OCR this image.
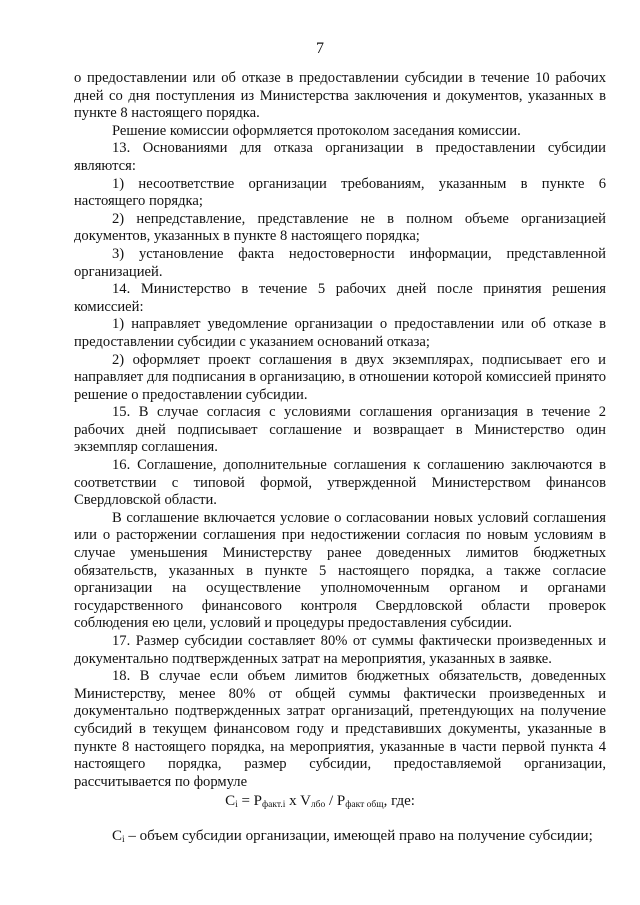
7

о предоставлении или об отказе в предоставлении субсидии в течение 10 рабочих дней со дня поступления из Министерства заключения и документов, указанных в пункте 8 настоящего порядка.

Решение комиссии оформляется протоколом заседания комиссии.

13. Основаниями для отказа организации в предоставлении субсидии являются:

1) несоответствие организации требованиям, указанным в пункте 6 настоящего порядка;

2) непредставление, представление не в полном объеме организацией документов, указанных в пункте 8 настоящего порядка;

3) установление факта недостоверности информации, представленной организацией.

14. Министерство в течение 5 рабочих дней после принятия решения комиссией:

1) направляет уведомление организации о предоставлении или об отказе в предоставлении субсидии с указанием оснований отказа;

2) оформляет проект соглашения в двух экземплярах, подписывает его и направляет для подписания в организацию, в отношении которой комиссией принято решение о предоставлении субсидии.

15. В случае согласия с условиями соглашения организация в течение 2 рабочих дней подписывает соглашение и возвращает в Министерство один экземпляр соглашения.

16. Соглашение, дополнительные соглашения к соглашению заключаются в соответствии с типовой формой, утвержденной Министерством финансов Свердловской области.

В соглашение включается условие о согласовании новых условий соглашения или о расторжении соглашения при недостижении согласия по новым условиям в случае уменьшения Министерству ранее доведенных лимитов бюджетных обязательств, указанных в пункте 5 настоящего порядка, а также согласие организации на осуществление уполномоченным органом и органами государственного финансового контроля Свердловской области проверок соблюдения ею цели, условий и процедуры предоставления субсидии.

17. Размер субсидии составляет 80% от суммы фактически произведенных и документально подтвержденных затрат на мероприятия, указанных в заявке.

18. В случае если объем лимитов бюджетных обязательств, доведенных Министерству, менее 80% от общей суммы фактически произведенных и документально подтвержденных затрат организаций, претендующих на получение субсидий в текущем финансовом году и представивших документы, указанные в пункте 8 настоящего порядка, на мероприятия, указанные в части первой пункта 4 настоящего порядка, размер субсидии, предоставляемой организации, рассчитывается по формуле

$С_i = Р_{факт.i}$ x $V_{лбо} / Р_{факт общ}$, где:
$С_i$ – объем субсидии организации, имеющей право на получение субсидии;
